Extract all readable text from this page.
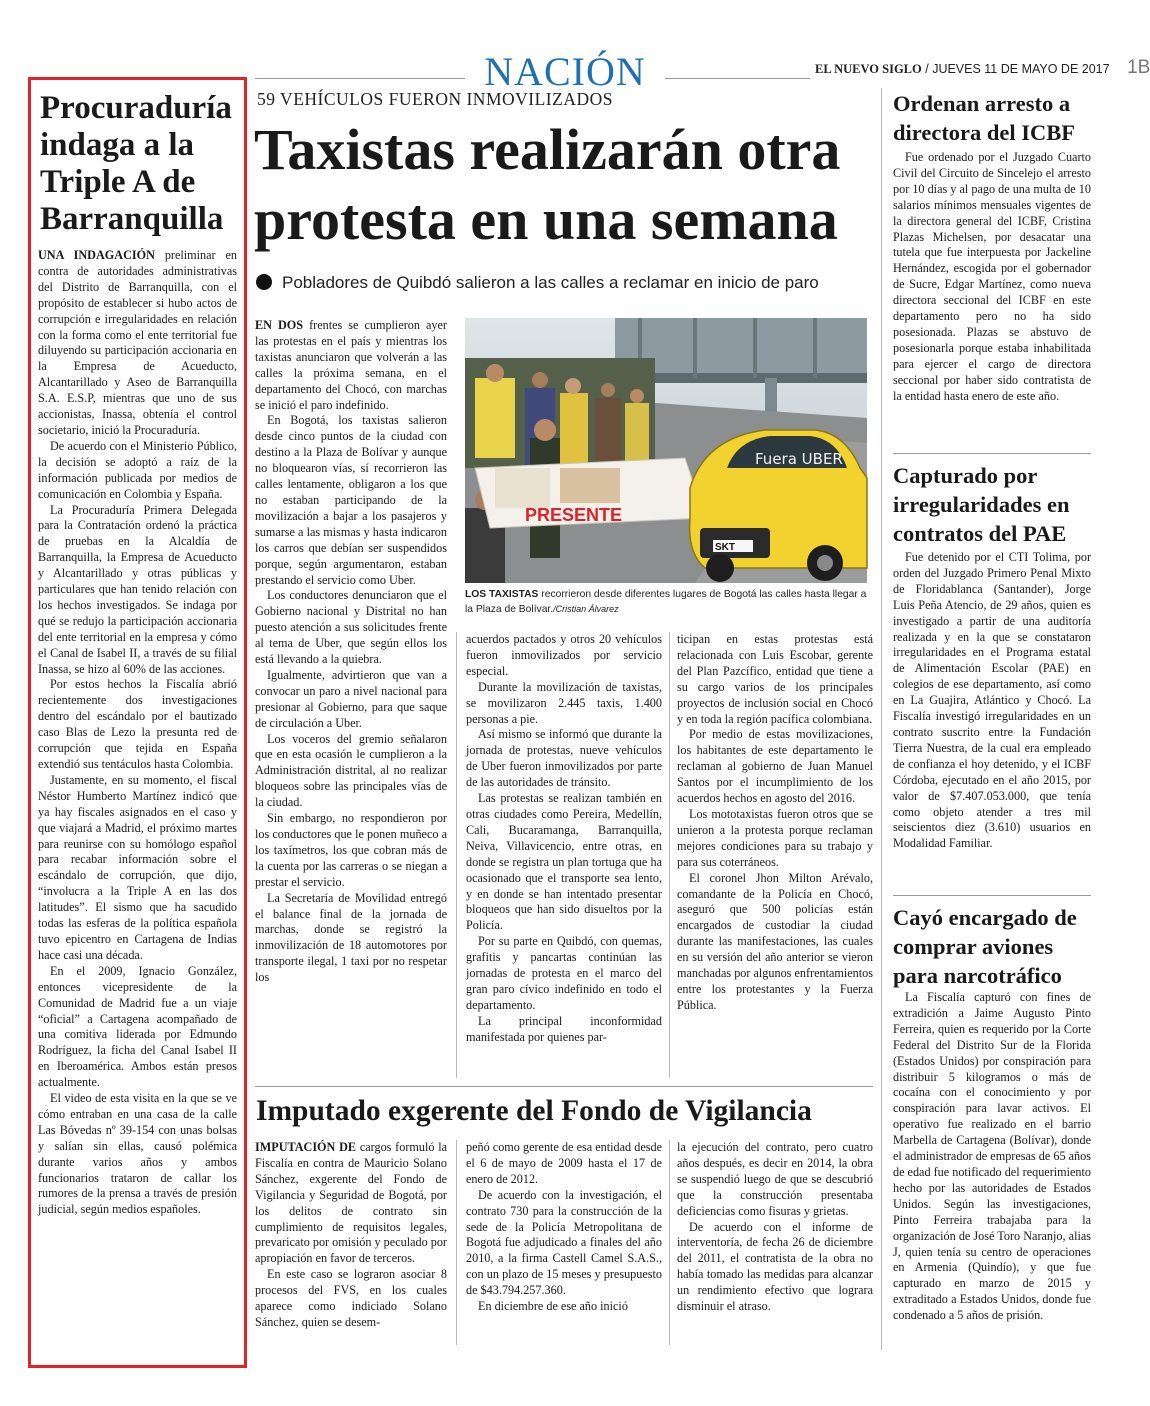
NACIÓN	EL NUEVO SIGLO / JUEVES 11 DE MAYO DE 2017 1B
Procuraduría indaga a la Triple A de Barranquilla

UNA INDAGACIÓN preliminar en contra de autoridades administrativas del Distrito de Barranquilla, con el propósito de establecer si hubo actos de corrupción e irregularidades en relación con la forma como el ente territorial fue diluyendo su participación accionaria en la Empresa de Acueducto, Alcantarillado y Aseo de Barranquilla S.A. E.S.P, mientras que uno de sus accionistas, Inassa, obtenía el control societario, inició la Procuraduría.

De acuerdo con el Ministerio Público, la decisión se adoptó a raíz de la información publicada por medios de comunicación en Colombia y España.

La Procuraduría Primera Delegada para la Contratación ordenó la práctica de pruebas en la Alcaldía de Barranquilla, la Empresa de Acueducto y Alcantarillado y otras públicas y particulares que han tenido relación con los hechos investigados. Se indaga por qué se redujo la participación accionaria del ente territorial en la empresa y cómo el Canal de Isabel II, a través de su filial Inassa, se hizo al 60% de las acciones.

Por estos hechos la Fiscalía abrió recientemente dos investigaciones dentro del escándalo por el bautizado caso Blas de Lezo la presunta red de corrupción que tejida en España extendió sus tentáculos hasta Colombia.

Justamente, en su momento, el fiscal Néstor Humberto Martínez indicó que ya hay fiscales asignados en el caso y que viajará a Madrid, el próximo martes para reunirse con su homólogo español para recabar información sobre el escándalo de corrupción, que dijo, “involucra a la Triple A en las dos latitudes”. El sismo que ha sacudido todas las esferas de la política española tuvo epicentro en Cartagena de Indias hace casi una década.

En el 2009, Ignacio González, entonces vicepresidente de la Comunidad de Madrid fue a un viaje “oficial” a Cartagena acompañado de una comitiva liderada por Edmundo Rodríguez, la ficha del Canal Isabel II en Iberoamérica. Ambos están presos actualmente.

El video de esta visita en la que se ve cómo entraban en una casa de la calle Las Bóvedas nº 39-154 con unas bolsas y salían sin ellas, causó polémica durante varios años y ambos funcionarios trataron de callar los rumores de la prensa a través de presión judicial, según medios españoles.

59 VEHÍCULOS FUERON INMOVILIZADOS
Taxistas realizarán otra protesta en una semana
Pobladores de Quibdó salieron a las calles a reclamar en inicio de paro
PRESENTE
SKT
Fuera UBER
LOS TAXISTAS recorrieron desde diferentes lugares de Bogotá las calles hasta llegar a la Plaza de Bolívar./Cristian Álvarez

EN DOS frentes se cumplieron ayer las protestas en el país y mientras los taxistas anunciaron que volverán a las calles la próxima semana, en el departamento del Chocó, con marchas se inició el paro indefinido.

En Bogotá, los taxistas salieron desde cinco puntos de la ciudad con destino a la Plaza de Bolívar y aunque no bloquearon vías, sí recorrieron las calles lentamente, obligaron a los que no estaban participando de la movilización a bajar a los pasajeros y sumarse a las mismas y hasta indicaron los carros que debían ser suspendidos porque, según argumentaron, estaban prestando el servicio como Uber.

Los conductores denunciaron que el Gobierno nacional y Distrital no han puesto atención a sus solicitudes frente al tema de Uber, que según ellos los está llevando a la quiebra.

Igualmente, advirtieron que van a convocar un paro a nivel nacional para presionar al Gobierno, para que saque de circulación a Uber.

Los voceros del gremio señalaron que en esta ocasión le cumplieron a la Administración distrital, al no realizar bloqueos sobre las principales vías de la ciudad.

Sin embargo, no respondieron por los conductores que le ponen muñeco a los taxímetros, los que cobran más de la cuenta por las carreras o se niegan a prestar el servicio.

La Secretaría de Movilidad entregó el balance final de la jornada de marchas, donde se registró la inmovilización de 18 automotores por transporte ilegal, 1 taxi por no respetar los

acuerdos pactados y otros 20 vehículos fueron inmovilizados por servicio especial.

Durante la movilización de taxistas, se movilizaron 2.445 taxis, 1.400 personas a pie.

Así mismo se informó que durante la jornada de protestas, nueve vehículos de Uber fueron inmovilizados por parte de las autoridades de tránsito.

Las protestas se realizan también en otras ciudades como Pereira, Medellín, Cali, Bucaramanga, Barranquilla, Neiva, Villavicencio, entre otras, en donde se registra un plan tortuga que ha ocasionado que el transporte sea lento, y en donde se han intentado presentar bloqueos que han sido disueltos por la Policía.

Por su parte en Quibdó, con quemas, grafitis y pancartas continúan las jornadas de protesta en el marco del gran paro cívico indefinido en todo el departamento.

La principal inconformidad manifestada por quienes par-

ticipan en estas protestas está relacionada con Luis Escobar, gerente del Plan Pazcífico, entidad que tiene a su cargo varios de los principales proyectos de inclusión social en Chocó y en toda la región pacífica colombiana.

Por medio de estas movilizaciones, los habitantes de este departamento le reclaman al gobierno de Juan Manuel Santos por el incumplimiento de los acuerdos hechos en agosto del 2016.

Los mototaxistas fueron otros que se unieron a la protesta porque reclaman mejores condiciones para su trabajo y para sus coterráneos.

El coronel Jhon Milton Arévalo, comandante de la Policía en Chocó, aseguró que 500 policías están encargados de custodiar la ciudad durante las manifestaciones, las cuales en su versión del año anterior se vieron manchadas por algunos enfrentamientos entre los protestantes y la Fuerza Pública.

Imputado exgerente del Fondo de Vigilancia

IMPUTACIÓN DE cargos formuló la Fiscalía en contra de Mauricio Solano Sánchez, exgerente del Fondo de Vigilancia y Seguridad de Bogotá, por los delitos de contrato sin cumplimiento de requisitos legales, prevaricato por omisión y peculado por apropiación en favor de terceros.

En este caso se lograron asociar 8 procesos del FVS, en los cuales aparece como indiciado Solano Sánchez, quien se desem-

peñó como gerente de esa entidad desde el 6 de mayo de 2009 hasta el 17 de enero de 2012.

De acuerdo con la investigación, el contrato 730 para la construcción de la sede de la Policía Metropolitana de Bogotá fue adjudicado a finales del año 2010, a la firma Castell Camel S.A.S., con un plazo de 15 meses y presupuesto de $43.794.257.360.

En diciembre de ese año inició

la ejecución del contrato, pero cuatro años después, es decir en 2014, la obra se suspendió luego de que se descubrió que la construcción presentaba deficiencias como fisuras y grietas.

De acuerdo con el informe de interventoría, de fecha 26 de diciembre del 2011, el contratista de la obra no había tomado las medidas para alcanzar un rendimiento efectivo que lograra disminuir el atraso.

Ordenan arresto a directora del ICBF

Fue ordenado por el Juzgado Cuarto Civil del Circuito de Sincelejo el arresto por 10 días y al pago de una multa de 10 salarios mínimos mensuales vigentes de la directora general del ICBF, Cristina Plazas Michelsen, por desacatar una tutela que fue interpuesta por Jackeline Hernández, escogida por el gobernador de Sucre, Edgar Martínez, como nueva directora seccional del ICBF en este departamento pero no ha sido posesionada. Plazas se abstuvo de posesionarla porque estaba inhabilitada para ejercer el cargo de directora seccional por haber sido contratista de la entidad hasta enero de este año.

Capturado por irregularidades en contratos del PAE

Fue detenido por el CTI Tolima, por orden del Juzgado Primero Penal Mixto de Floridablanca (Santander), Jorge Luis Peña Atencio, de 29 años, quien es investigado a partir de una auditoría realizada y en la que se constataron irregularidades en el Programa estatal de Alimentación Escolar (PAE) en colegios de ese departamento, así como en La Guajira, Atlántico y Chocó. La Fiscalía investigó irregularidades en un contrato suscrito entre la Fundación Tierra Nuestra, de la cual era empleado de confianza el hoy detenido, y el ICBF Córdoba, ejecutado en el año 2015, por valor de $7.407.053.000, que tenía como objeto atender a tres mil seiscientos diez (3.610) usuarios en Modalidad Familiar.

Cayó encargado de comprar aviones para narcotráfico

La Fiscalía capturó con fines de extradición a Jaime Augusto Pinto Ferreira, quien es requerido por la Corte Federal del Distrito Sur de la Florida (Estados Unidos) por conspiración para distribuir 5 kilogramos o más de cocaína con el conocimiento y por conspiración para lavar activos. El operativo fue realizado en el barrio Marbella de Cartagena (Bolívar), donde el administrador de empresas de 65 años de edad fue notificado del requerimiento hecho por las autoridades de Estados Unidos. Según las investigaciones, Pinto Ferreira trabajaba para la organización de José Toro Naranjo, alias J, quien tenía su centro de operaciones en Armenia (Quindío), y que fue capturado en marzo de 2015 y extraditado a Estados Unidos, donde fue condenado a 5 años de prisión.
